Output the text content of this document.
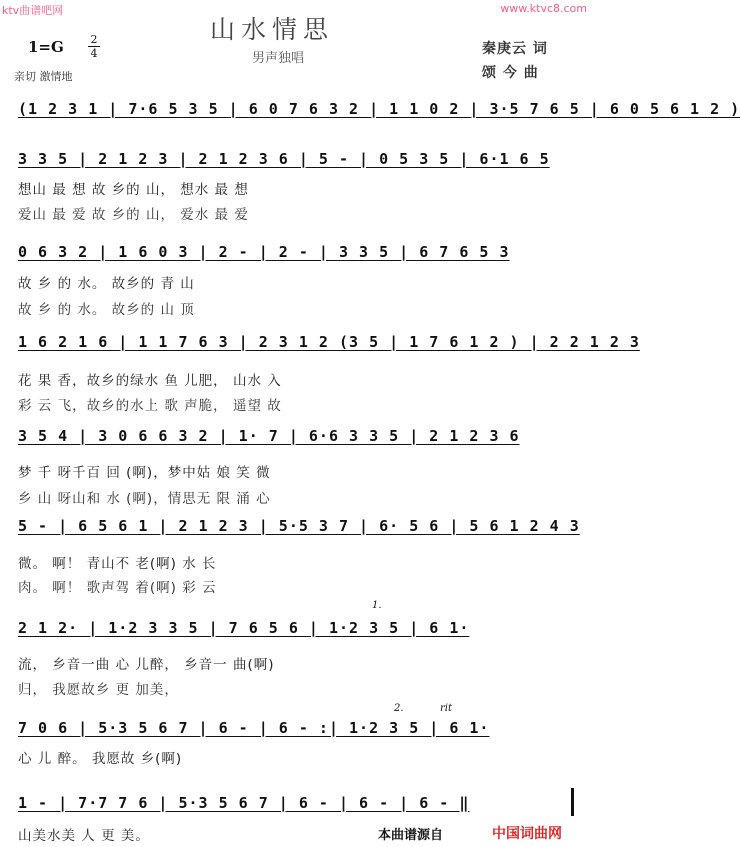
ktv曲谱吧网	www.ktvc8.com
山水情思
男声独唱
1=G 2
4
亲切 激情地
秦庚云 词
颂 今 曲
(1 2 3 1 | 7·6 5 3 5 | 6 0 7 6 3 2 | 1 1 0 2 | 3·5 7 6 5 | 6 0 5 6 1 2 )
3 3 5 | 2 1 2 3 | 2 1 2 3 6 | 5 - | 0 5 3 5 | 6·1 6 5
想山 最 想 故 乡的 山， 想水 最 想
爱山 最 爱 故 乡的 山， 爱水 最 爱
0 6 3 2 | 1 6 0 3 | 2 - | 2 - | 3 3 5 | 6 7 6 5 3
故 乡 的 水。 故乡的 青 山
故 乡 的 水。 故乡的 山 顶
1 6 2 1 6 | 1 1 7 6 3 | 2 3 1 2 (3 5 | 1 7 6 1 2 ) | 2 2 1 2 3
花 果 香，故乡的绿水 鱼 儿肥， 山水 入
彩 云 飞，故乡的水上 歌 声脆， 遥望 故
3 5 4 | 3 0 6 6 3 2 | 1· 7 | 6·6 3 3 5 | 2 1 2 3 6
梦 千 呀千百 回 (啊)，梦中姑 娘 笑 微
乡 山 呀山和 水 (啊)，情思无 限 涌 心
5 - | 6 5 6 1 | 2 1 2 3 | 5·5 3 7 | 6· 5 6 | 5 6 1 2 4 3
微。 啊！ 青山不 老(啊) 水 长
肉。 啊！ 歌声驾 着(啊) 彩 云
1.
2 1 2· | 1·2 3 3 5 | 7 6 5 6 | 1·2 3 5 | 6 1·
流， 乡音一曲 心 儿醉， 乡音一 曲(啊)
归， 我愿故乡 更 加美，
2.	rit
7 0 6 | 5·3 5 6 7 | 6 - | 6 - :| 1·2 3 5 | 6 1·
心 儿 醉。 我愿故 乡(啊)
1 - | 7·7 7 6 | 5·3 5 6 7 | 6 - | 6 - | 6 - ‖
山美水美 人 更 美。	本曲谱源自	中国词曲网
